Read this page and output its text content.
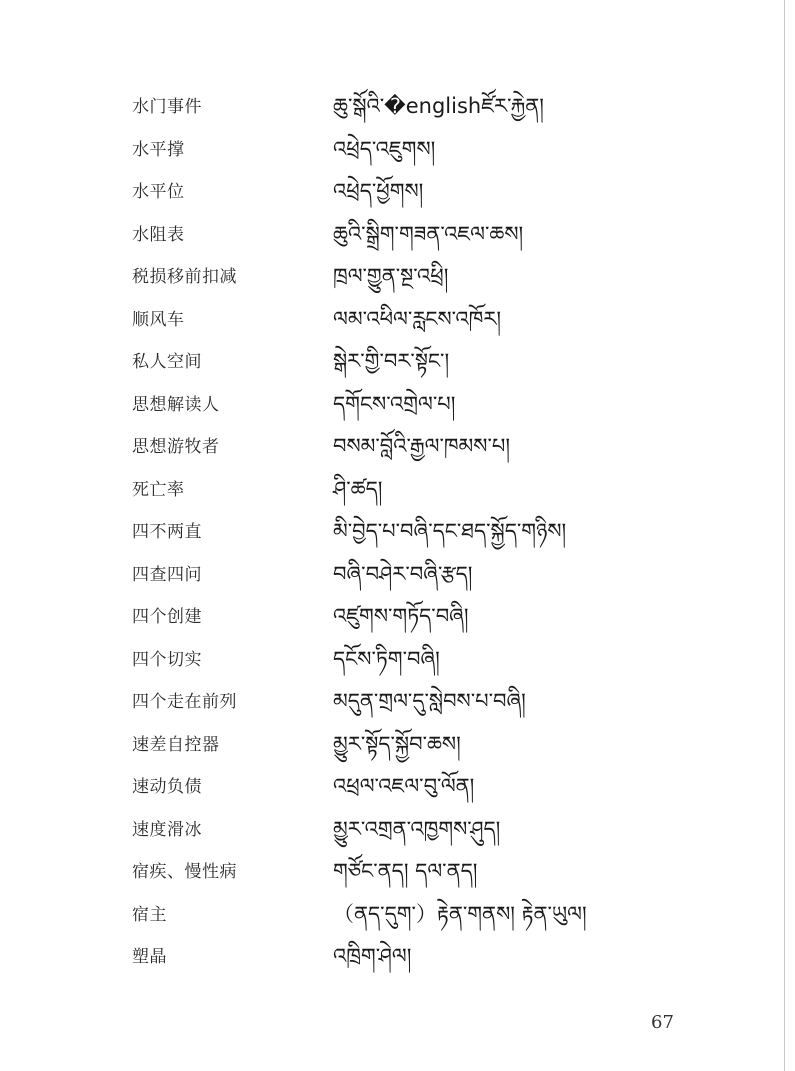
水门事件	ཆུ་སྒོའི་�englishཛོར་རྐྱེན།
水平撑	འཕྲེད་འཇུགས།
水平位	འཕྲེད་ཕྱོགས།
水阻表	ཆུའི་སྒྲིག་གཟན་འཇལ་ཆས།
税损移前扣减	ཁྲལ་གྱུན་སྔ་འཕྲི།
顺风车	ལམ་འཕིལ་རླངས་འཁོར།
私人空间	སྒེར་གྱི་བར་སྟོང་།
思想解读人	དགོངས་འགྲེལ་པ།
思想游牧者	བསམ་བློའི་རྒྱལ་ཁམས་པ།
死亡率	ཤི་ཚད།
四不两直	མི་བྱེད་པ་བཞི་དང་ཐད་སྐྱོད་གཉིས།
四查四问	བཞི་བཤེར་བཞི་རྩད།
四个创建	འཛུགས་གཏོད་བཞི།
四个切实	དངོས་ཏིག་བཞི།
四个走在前列	མདུན་གྲལ་དུ་སླེབས་པ་བཞི།
速差自控器	མྱུར་སྟོད་སྐྱོབ་ཆས།
速动负债	འཕྲལ་འཇལ་བུ་ལོན།
速度滑冰	མྱུར་འགྲན་འཁྱགས་ཤུད།
宿疾、慢性病	གཙོང་ནད། དལ་ནད།
宿主	（ནད་དུག་）རྟེན་གནས། རྟེན་ཡུལ།
塑晶	འཁྲིག་ཤེལ།
67
